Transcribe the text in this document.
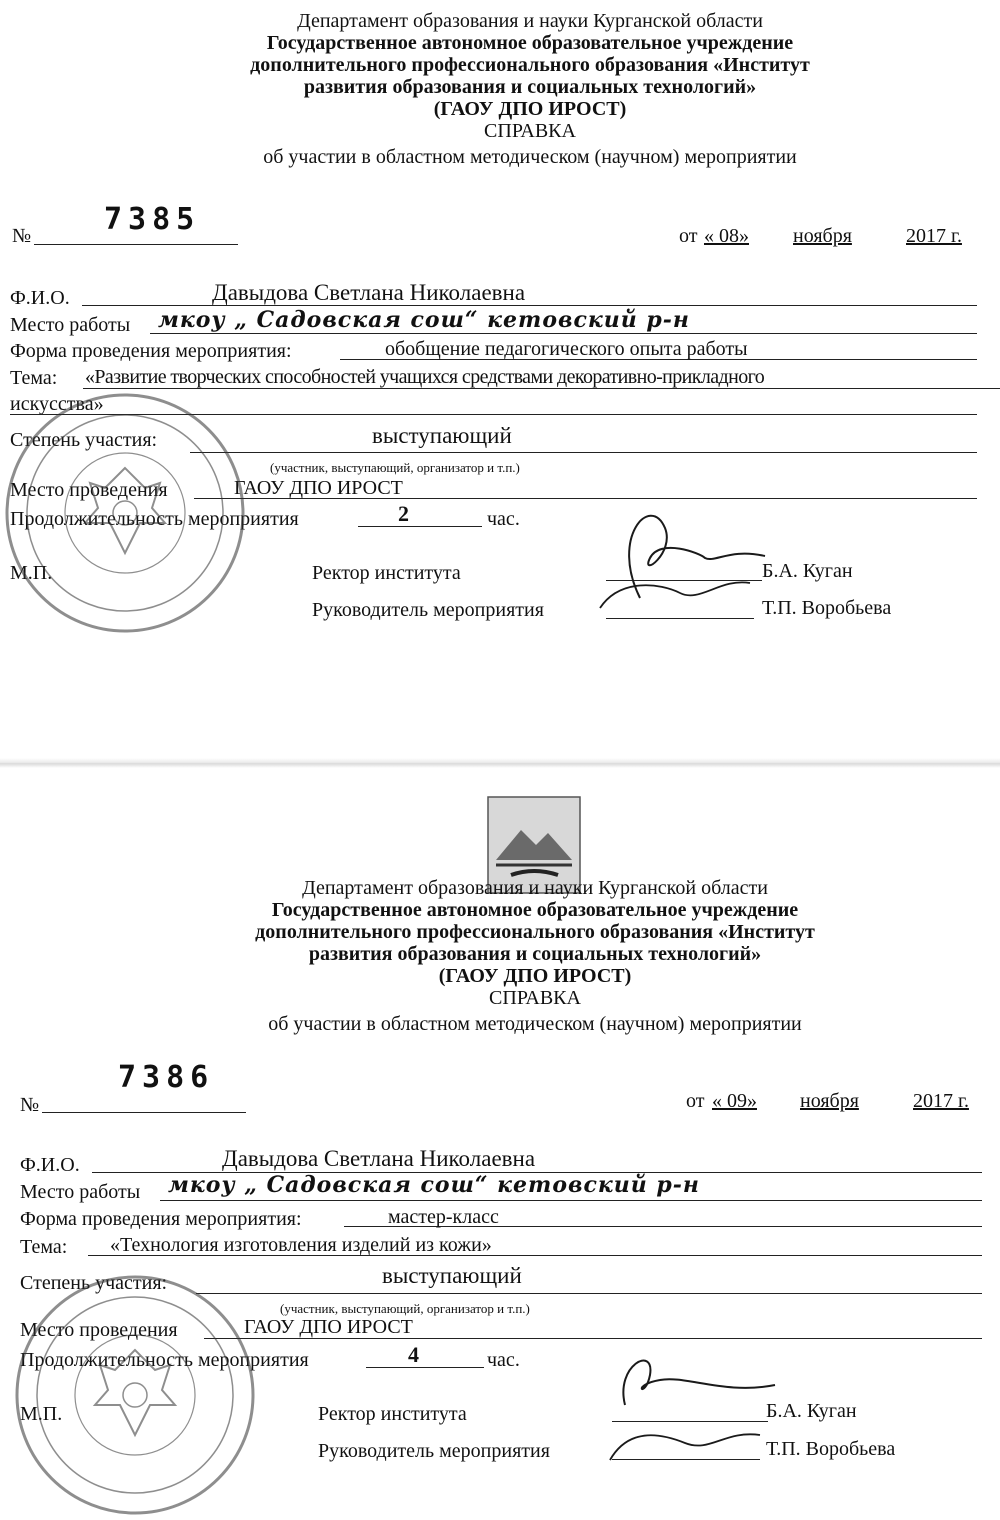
Департамент образования и науки Курганской области
Государственное автономное образовательное учреждение
дополнительного профессионального образования «Институт
развития образования и социальных технологий»
(ГАОУ ДПО ИРОСТ)
СПРАВКА
об участии в областном методическом (научном) мероприятии
№ 7385	от « 08» ноября	2017 г.
Ф.И.О.	Давыдова Светлана Николаевна
Место работы мкоу „ Садовская сош“ кетовский р-н
Форма проведения мероприятия:	обобщение педагогического опыта работы
Тема: «Развитие творческих способностей учащихся средствами декоративно-прикладного
искусства»
Степень участия:	выступающий
(участник, выступающий, организатор и т.п.)
Место проведения	ГАОУ ДПО ИРОСТ
Продолжительность мероприятия	2	час.
М.П.	Ректор института	Б.А. Куган
Руководитель мероприятия	Т.П. Воробьева
Департамент образования и науки Курганской области
Государственное автономное образовательное учреждение
дополнительного профессионального образования «Институт
развития образования и социальных технологий»
(ГАОУ ДПО ИРОСТ)
СПРАВКА
об участии в областном методическом (научном) мероприятии
№
7386
от « 09» ноября	2017 г.
Ф.И.О.	Давыдова Светлана Николаевна
Место работы мкоу „ Садовская сош“ кетовский р-н
Форма проведения мероприятия:	мастер-класс
Тема: «Технология изготовления изделий из кожи»
Степень участия:	выступающий
(участник, выступающий, организатор и т.п.)
Место проведения	ГАОУ ДПО ИРОСТ
Продолжительность мероприятия	4	час.
М.П.	Ректор института	Б.А. Куган
Руководитель мероприятия	Т.П. Воробьева
